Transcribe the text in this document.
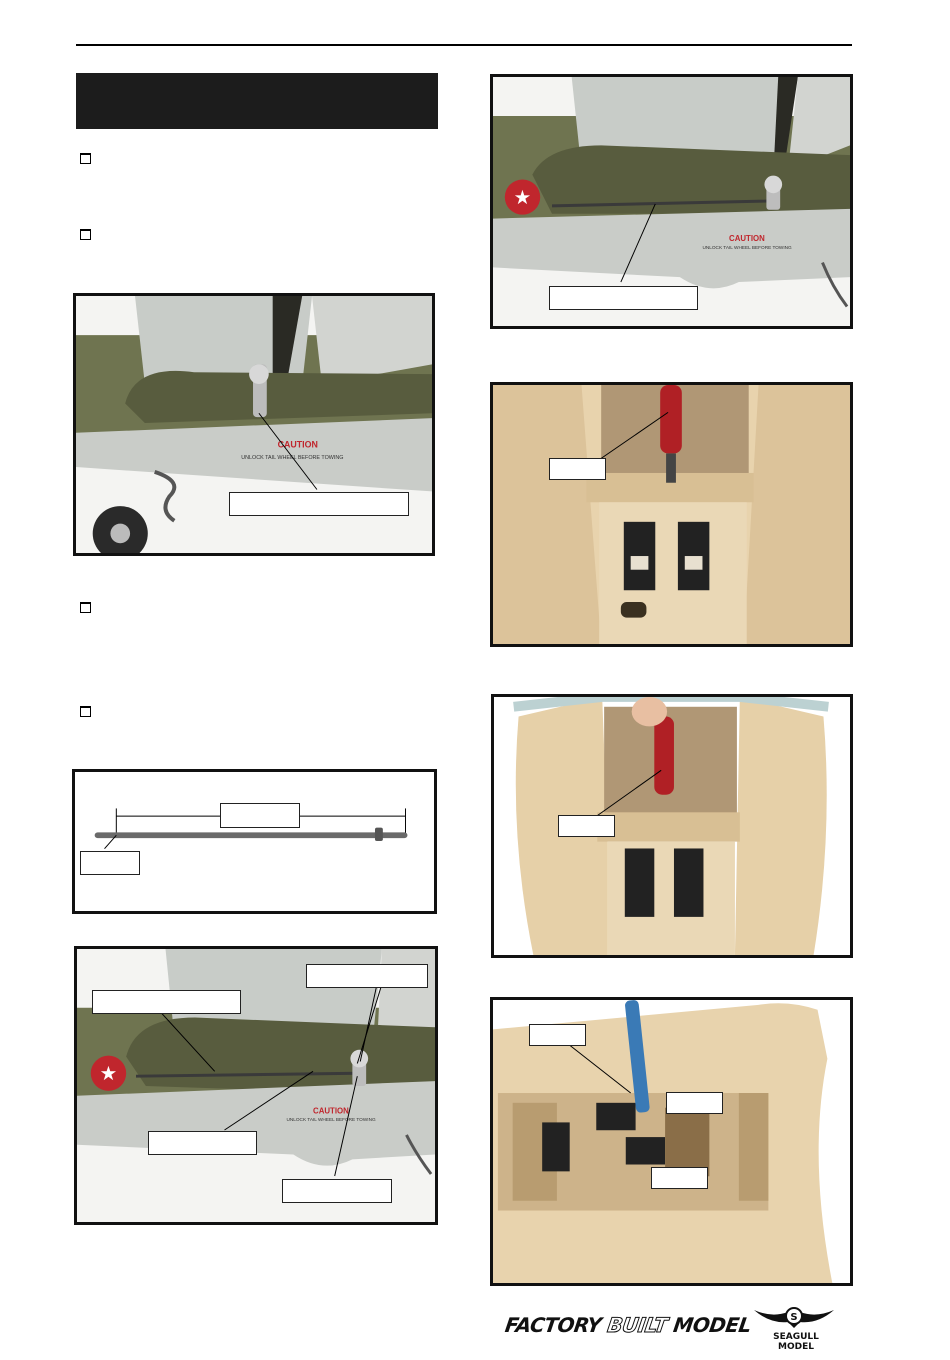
CAUTION
UNLOCK TAIL WHEEL BEFORE TOWING
★
CAUTION
UNLOCK TAIL WHEEL BEFORE TOWING
★
CAUTION
UNLOCK TAIL WHEEL BEFORE TOWING
FACTORY BUILT MODEL	S
SEAGULL MODEL
